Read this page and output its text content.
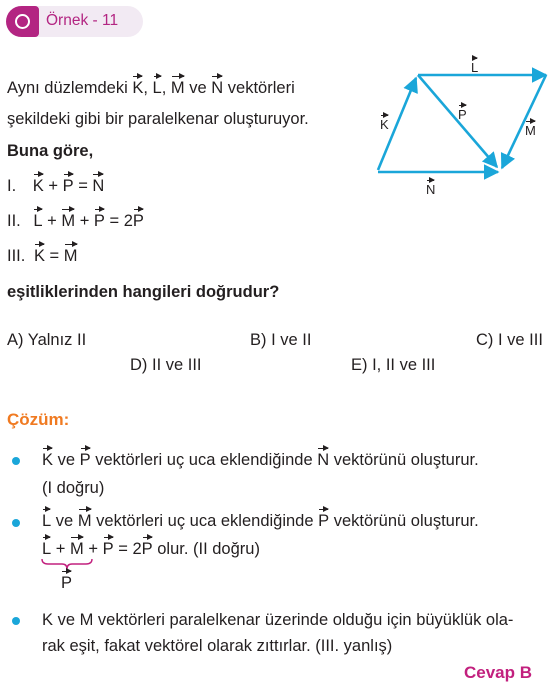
Örnek - 11
Aynı düzlemdeki K, L, M ve N vektörleri
şekildeki gibi bir paralelkenar oluşturuyor.
Buna göre,
I. K + P = N
II. L + M + P = 2P
III. K = M
eşitliklerinden hangileri doğrudur?
L
K
P
M
N
A) Yalnız II	B) I ve II	C) I ve III
D) II ve III	E) I, II ve III
Çözüm:
K ve P vektörleri uç uca eklendiğinde N vektörünü oluşturur.
(I doğru)
L ve M vektörleri uç uca eklendiğinde P vektörünü oluşturur.
L + M + P = 2P olur. (II doğru)
P
K ve M vektörleri paralelkenar üzerinde olduğu için büyüklük ola-
rak eşit, fakat vektörel olarak zıttırlar. (III. yanlış)
Cevap B
